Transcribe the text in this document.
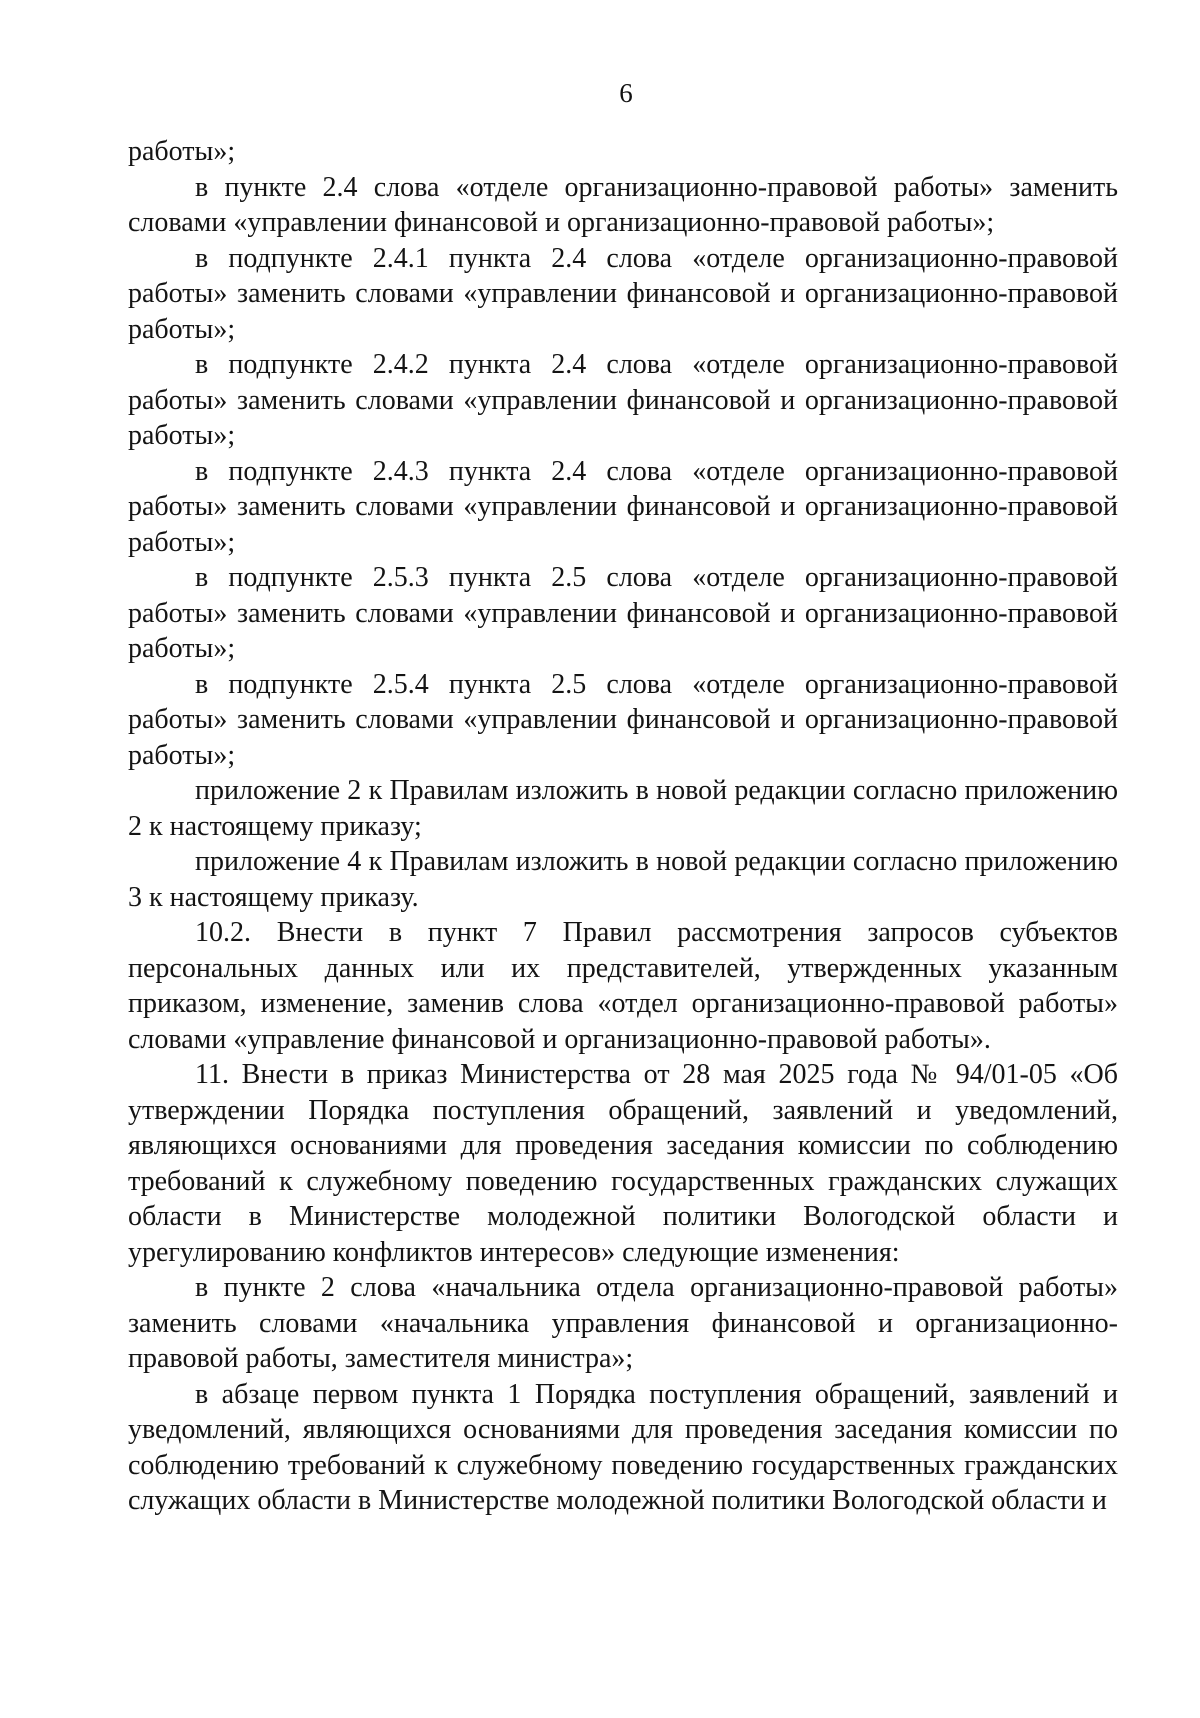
6

работы»;

в пункте 2.4 слова «отделе организационно-правовой работы» заменить словами «управлении финансовой и организационно-правовой работы»;

в подпункте 2.4.1 пункта 2.4 слова «отделе организационно-правовой работы» заменить словами «управлении финансовой и организационно-правовой работы»;

в подпункте 2.4.2 пункта 2.4 слова «отделе организационно-правовой работы» заменить словами «управлении финансовой и организационно-правовой работы»;

в подпункте 2.4.3 пункта 2.4 слова «отделе организационно-правовой работы» заменить словами «управлении финансовой и организационно-правовой работы»;

в подпункте 2.5.3 пункта 2.5 слова «отделе организационно-правовой работы» заменить словами «управлении финансовой и организационно-правовой работы»;

в подпункте 2.5.4 пункта 2.5 слова «отделе организационно-правовой работы» заменить словами «управлении финансовой и организационно-правовой работы»;

приложение 2 к Правилам изложить в новой редакции согласно приложению 2 к настоящему приказу;

приложение 4 к Правилам изложить в новой редакции согласно приложению 3 к настоящему приказу.

10.2. Внести в пункт 7 Правил рассмотрения запросов субъектов персональных данных или их представителей, утвержденных указанным приказом, изменение, заменив слова «отдел организационно-правовой работы» словами «управление финансовой и организационно-правовой работы».

11. Внести в приказ Министерства от 28 мая 2025 года № 94/01-05 «Об утверждении Порядка поступления обращений, заявлений и уведомлений, являющихся основаниями для проведения заседания комиссии по соблюдению требований к служебному поведению государственных гражданских служащих области в Министерстве молодежной политики Вологодской области и урегулированию конфликтов интересов» следующие изменения:

в пункте 2 слова «начальника отдела организационно-правовой работы» заменить словами «начальника управления финансовой и организационно-правовой работы, заместителя министра»;

в абзаце первом пункта 1 Порядка поступления обращений, заявлений и уведомлений, являющихся основаниями для проведения заседания комиссии по соблюдению требований к служебному поведению государственных гражданских служащих области в Министерстве молодежной политики Вологодской области и
